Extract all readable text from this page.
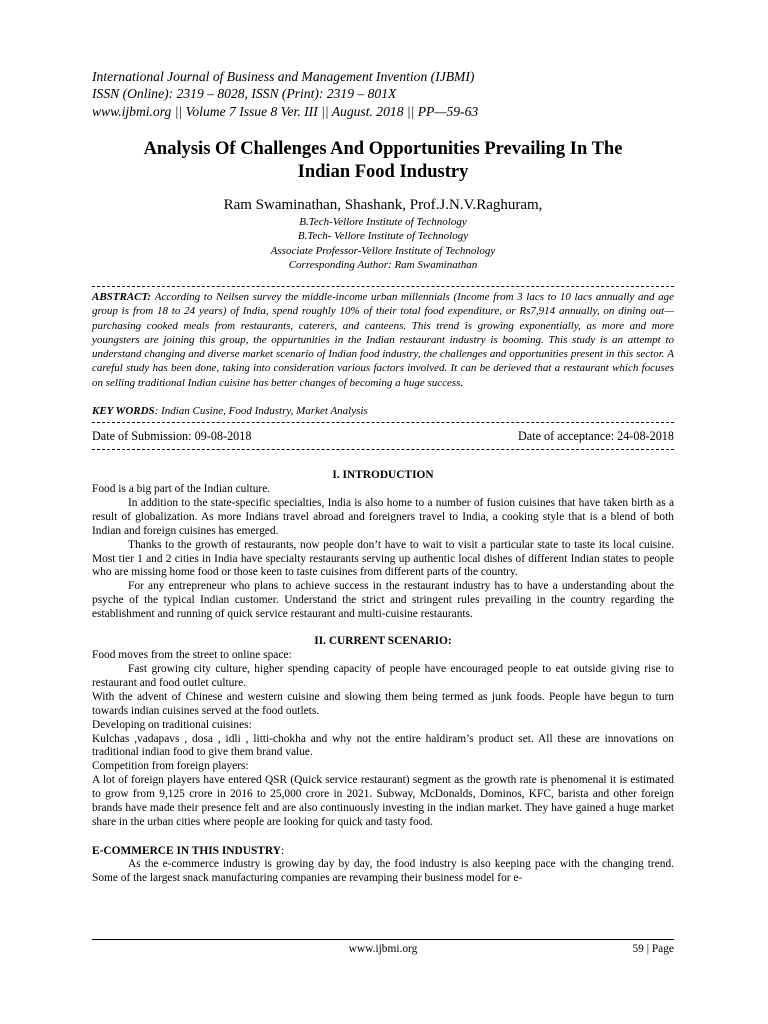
International Journal of Business and Management Invention (IJBMI)
ISSN (Online): 2319 – 8028, ISSN (Print): 2319 – 801X
www.ijbmi.org || Volume 7 Issue 8 Ver. III || August. 2018 || PP—59-63
Analysis Of Challenges And Opportunities Prevailing In The
Indian Food Industry
Ram Swaminathan, Shashank, Prof.J.N.V.Raghuram,
B.Tech-Vellore Institute of Technology
B.Tech- Vellore Institute of Technology
Associate Professor-Vellore Institute of Technology
Corresponding Author: Ram Swaminathan
ABSTRACT: According to Neilsen survey the middle-income urban millennials (Income from 3 lacs to 10 lacs annually and age group is from 18 to 24 years) of India, spend roughly 10% of their total food expenditure, or Rs7,914 annually, on dining out—purchasing cooked meals from restaurants, caterers, and canteens. This trend is growing exponentially, as more and more youngsters are joining this group, the oppurtunities in the Indian restaurant industry is booming. This study is an attempt to understand changing and diverse market scenario of Indian food industry, the challenges and opportunities present in this sector. A careful study has been done, taking into consideration various factors involved. It can be derieved that a restaurant which focuses on selling traditional Indian cuisine has better changes of becoming a huge success.
KEY WORDS: Indian Cusine, Food Industry, Market Analysis
Date of Submission: 09-08-2018	Date of acceptance: 24-08-2018
I. INTRODUCTION

Food is a big part of the Indian culture.

In addition to the state-specific specialties, India is also home to a number of fusion cuisines that have taken birth as a result of globalization. As more Indians travel abroad and foreigners travel to India, a cooking style that is a blend of both Indian and foreign cuisines has emerged.

Thanks to the growth of restaurants, now people don’t have to wait to visit a particular state to taste its local cuisine. Most tier 1 and 2 cities in India have specialty restaurants serving up authentic local dishes of different Indian states to people who are missing home food or those keen to taste cuisines from different parts of the country.

For any entrepreneur who plans to achieve success in the restaurant industry has to have a understanding about the psyche of the typical Indian customer. Understand the strict and stringent rules prevailing in the country regarding the establishment and running of quick service restaurant and multi-cuisine restaurants.

II. CURRENT SCENARIO:

Food moves from the street to online space:

Fast growing city culture, higher spending capacity of people have encouraged people to eat outside giving rise to restaurant and food outlet culture.

With the advent of Chinese and western cuisine and slowing them being termed as junk foods. People have begun to turn towards indian cuisines served at the food outlets.

Developing on traditional cuisines:

Kulchas ,vadapavs , dosa , idli , litti-chokha and why not the entire haldiram’s product set. All these are innovations on traditional indian food to give them brand value.

Competition from foreign players:

A lot of foreign players have entered QSR (Quick service restaurant) segment as the growth rate is phenomenal it is estimated to grow from 9,125 crore in 2016 to 25,000 crore in 2021. Subway, McDonalds, Dominos, KFC, barista and other foreign brands have made their presence felt and are also continuously investing in the indian market. They have gained a huge market share in the urban cities where people are looking for quick and tasty food.

E-COMMERCE IN THIS INDUSTRY:

As the e-commerce industry is growing day by day, the food industry is also keeping pace with the changing trend. Some of the largest snack manufacturing companies are revamping their business model for e-

www.ijbmi.org	59 | Page
